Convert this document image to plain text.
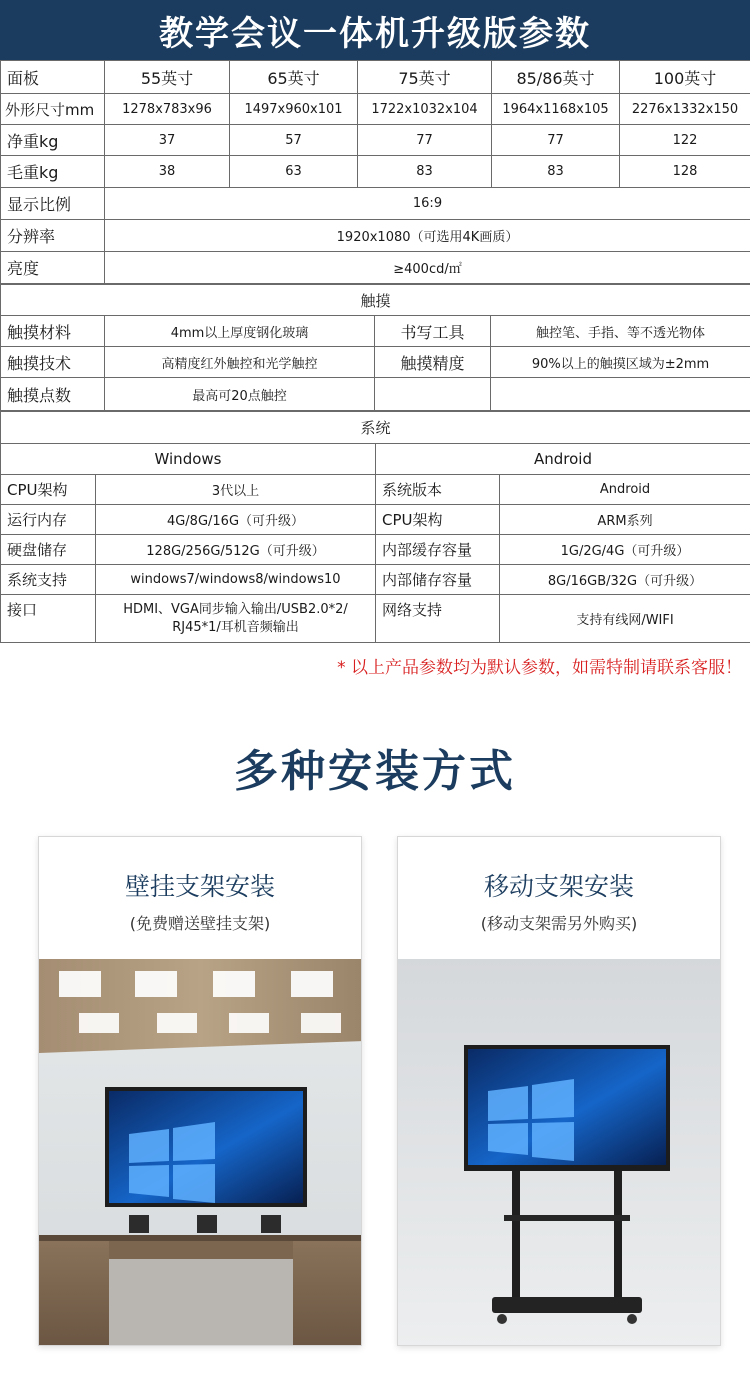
教学会议一体机升级版参数
面板	55英寸	65英寸	75英寸	85/86英寸	100英寸
外形尺寸mm	1278x783x96	1497x960x101	1722x1032x104	1964x1168x105	2276x1332x150
净重kg	37	57	77	77	122
毛重kg	38	63	83	83	128
显示比例	16:9				
分辨率	1920x1080（可选用4K画质）				
亮度	≥400cd/㎡				
触摸			
触摸材料	4mm以上厚度钢化玻璃	书写工具	触控笔、手指、等不透光物体
触摸技术	高精度红外触控和光学触控	触摸精度	90%以上的触摸区域为±2mm
触摸点数	最高可20点触控		
系统			
Windows		Android	
CPU架构	3代以上	系统版本	Android
运行内存	4G/8G/16G（可升级）	CPU架构	ARM系列
硬盘储存	128G/256G/512G（可升级）	内部缓存容量	1G/2G/4G（可升级）
系统支持	windows7/windows8/windows10	内部储存容量	8G/16GB/32G（可升级）
接口	HDMI、VGA同步输入输出/USB2.0*2/
RJ45*1/耳机音频输出	网络支持	支持有线网/WIFI
* 以上产品参数均为默认参数，如需特制请联系客服！
多种安装方式
壁挂支架安装
(免费赠送壁挂支架)
移动支架安装
(移动支架需另外购买)
